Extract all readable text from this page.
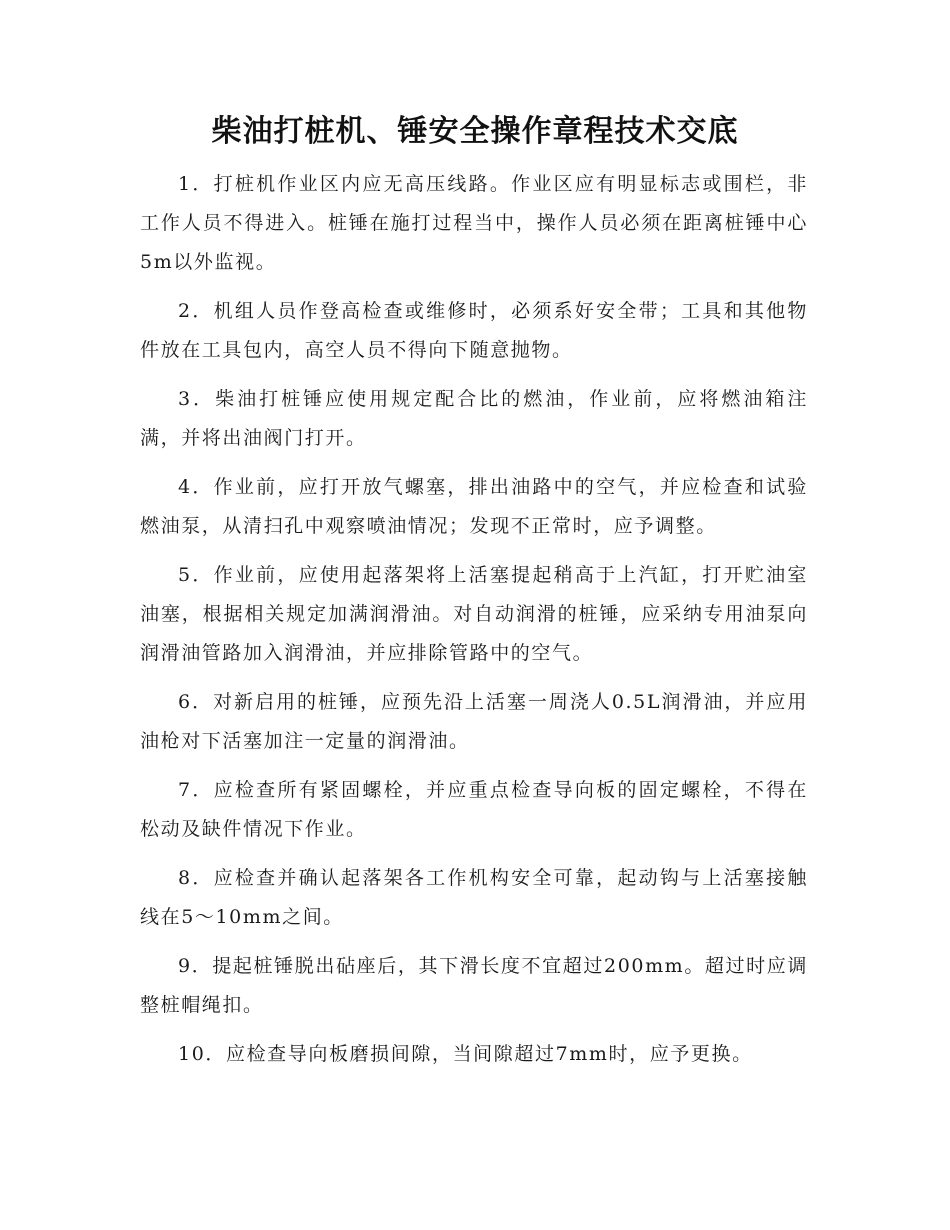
柴油打桩机、锤安全操作章程技术交底

1．打桩机作业区内应无高压线路。作业区应有明显标志或围栏，非工作人员不得进入。桩锤在施打过程当中，操作人员必须在距离桩锤中心5m以外监视。

2．机组人员作登高检查或维修时，必须系好安全带；工具和其他物件放在工具包内，高空人员不得向下随意抛物。

3．柴油打桩锤应使用规定配合比的燃油，作业前，应将燃油箱注满，并将出油阀门打开。

4．作业前，应打开放气螺塞，排出油路中的空气，并应检查和试验燃油泵，从清扫孔中观察喷油情况；发现不正常时，应予调整。

5．作业前，应使用起落架将上活塞提起稍高于上汽缸，打开贮油室油塞，根据相关规定加满润滑油。对自动润滑的桩锤，应采纳专用油泵向润滑油管路加入润滑油，并应排除管路中的空气。

6．对新启用的桩锤，应预先沿上活塞一周浇人0.5L润滑油，并应用油枪对下活塞加注一定量的润滑油。

7．应检查所有紧固螺栓，并应重点检查导向板的固定螺栓，不得在松动及缺件情况下作业。

8．应检查并确认起落架各工作机构安全可靠，起动钩与上活塞接触线在5～10mm之间。

9．提起桩锤脱出砧座后，其下滑长度不宜超过200mm。超过时应调整桩帽绳扣。

10．应检查导向板磨损间隙，当间隙超过7mm时，应予更换。
